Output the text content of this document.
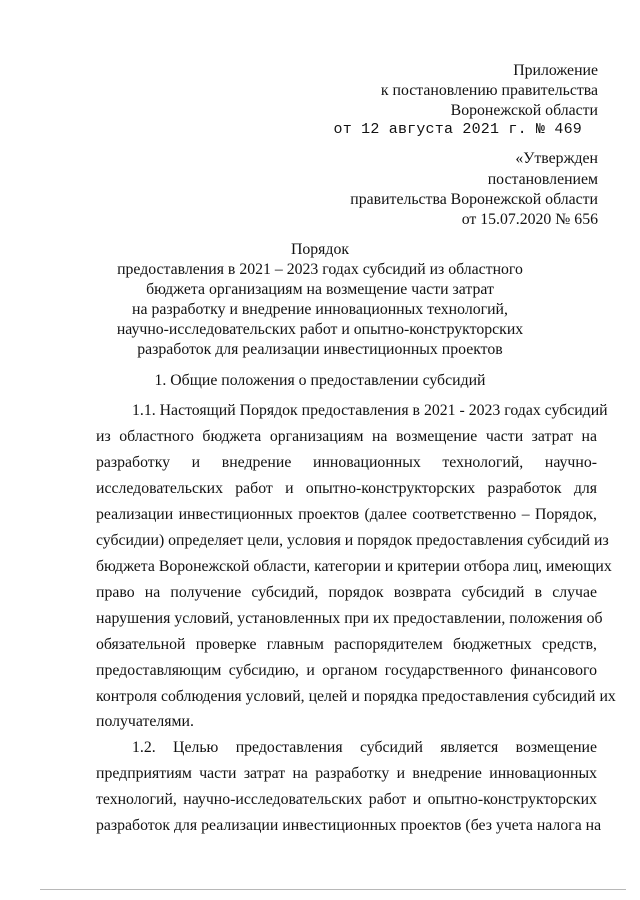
Приложение
к постановлению правительства
Воронежской области
от 12 августа 2021 г. № 469
«Утвержден
постановлением
правительства Воронежской области
от 15.07.2020 № 656
Порядок
предоставления в 2021 – 2023 годах субсидий из областного
бюджета организациям на возмещение части затрат
на разработку и внедрение инновационных технологий,
научно-исследовательских работ и опытно-конструкторских
разработок для реализации инвестиционных проектов
1. Общие положения о предоставлении субсидий
1.1. Настоящий Порядок предоставления в 2021 - 2023 годах субсидий
из областного бюджета организациям на возмещение части затрат на
разработку и внедрение инновационных технологий, научно-
исследовательских работ и опытно-конструкторских разработок для
реализации инвестиционных проектов (далее соответственно – Порядок,
субсидии) определяет цели, условия и порядок предоставления субсидий из
бюджета Воронежской области, категории и критерии отбора лиц, имеющих
право на получение субсидий, порядок возврата субсидий в случае
нарушения условий, установленных при их предоставлении, положения об
обязательной проверке главным распорядителем бюджетных средств,
предоставляющим субсидию, и органом государственного финансового
контроля соблюдения условий, целей и порядка предоставления субсидий их
получателями.
1.2. Целью предоставления субсидий является возмещение
предприятиям части затрат на разработку и внедрение инновационных
технологий, научно-исследовательских работ и опытно-конструкторских
разработок для реализации инвестиционных проектов (без учета налога на
